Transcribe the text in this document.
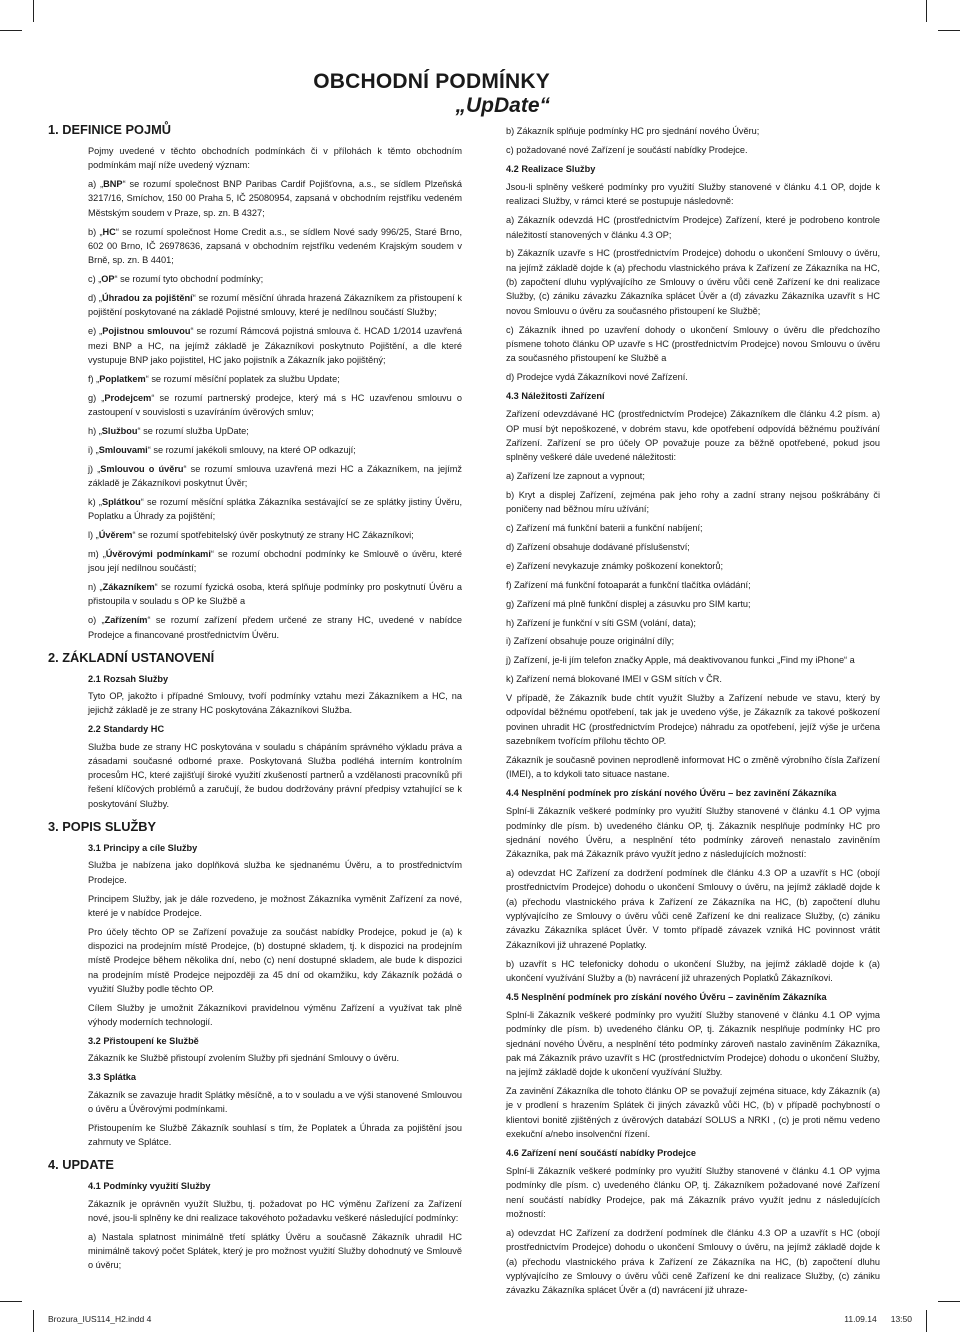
OBCHODNÍ PODMÍNKY
„UpDate“
1. DEFINICE POJMŮ
Pojmy uvedené v těchto obchodních podmínkách či v přílohách k těmto obchodním podmínkám mají níže uvedený význam:
a) „BNP“ se rozumí společnost BNP Paribas Cardif Pojišťovna, a.s., se sídlem Plzeňská 3217/16, Smíchov, 150 00 Praha 5, IČ 25080954, zapsaná v obchodním rejstříku vedeném Městským soudem v Praze, sp. zn. B 4327;
b) „HC“ se rozumí společnost Home Credit a.s., se sídlem Nové sady 996/25, Staré Brno, 602 00 Brno, IČ 26978636, zapsaná v obchodním rejstříku vedeném Krajským soudem v Brně, sp. zn. B 4401;
c) „OP“ se rozumí tyto obchodní podmínky;
d) „Úhradou za pojištění“ se rozumí měsíční úhrada hrazená Zákazníkem za přistoupení k pojištění poskytované na základě Pojistné smlouvy, které je nedílnou součástí Služby;
e) „Pojistnou smlouvou“ se rozumí Rámcová pojistná smlouva č. HCAD 1/2014 uzavřená mezi BNP a HC, na jejímž základě je Zákazníkovi poskytnuto Pojištění, a dle které vystupuje BNP jako pojistitel, HC jako pojistník a Zákazník jako pojištěný;
f) „Poplatkem“ se rozumí měsíční poplatek za službu Update;
g) „Prodejcem“ se rozumí partnerský prodejce, který má s HC uzavřenou smlouvu o zastoupení v souvislosti s uzavíráním úvěrových smluv;
h) „Službou“ se rozumí služba UpDate;
i) „Smlouvami“ se rozumí jakékoli smlouvy, na které OP odkazují;
j) „Smlouvou o úvěru“ se rozumí smlouva uzavřená mezi HC a Zákazníkem, na jejímž základě je Zákazníkovi poskytnut Úvěr;
k) „Splátkou“ se rozumí měsíční splátka Zákazníka sestávající se ze splátky jistiny Úvěru, Poplatku a Úhrady za pojištění;
l) „Úvěrem“ se rozumí spotřebitelský úvěr poskytnutý ze strany HC Zákazníkovi;
m) „Úvěrovými podmínkami“ se rozumí obchodní podmínky ke Smlouvě o úvěru, které jsou její nedílnou součástí;
n) „Zákazníkem“ se rozumí fyzická osoba, která splňuje podmínky pro poskytnutí Úvěru a přistoupila v souladu s OP ke Službě a
o) „Zařízením“ se rozumí zařízení předem určené ze strany HC, uvedené v nabídce Prodejce a financované prostřednictvím Úvěru.
2. ZÁKLADNÍ USTANOVENÍ
2.1 Rozsah Služby
Tyto OP, jakožto i případné Smlouvy, tvoří podmínky vztahu mezi Zákazníkem a HC, na jejichž základě je ze strany HC poskytována Zákazníkovi Služba.
2.2 Standardy HC
Služba bude ze strany HC poskytována v souladu s chápáním správného výkladu práva a zásadami současné odborné praxe. Poskytovaná Služba podléhá interním kontrolním procesům HC, které zajišťují široké využití zkušeností partnerů a vzdělanosti pracovníků při řešení klíčových problémů a zaručují, že budou dodržovány právní předpisy vztahující se k poskytování Služby.
3. POPIS SLUŽBY
3.1 Principy a cíle Služby
Služba je nabízena jako doplňková služba ke sjednanému Úvěru, a to prostřednictvím Prodejce.
Principem Služby, jak je dále rozvedeno, je možnost Zákazníka vyměnit Zařízení za nové, které je v nabídce Prodejce.
Pro účely těchto OP se Zařízení považuje za součást nabídky Prodejce, pokud je (a) k dispozici na prodejním místě Prodejce, (b) dostupné skladem, tj. k dispozici na prodejním místě Prodejce během několika dní, nebo (c) není dostupné skladem, ale bude k dispozici na prodejním místě Prodejce nejpozději za 45 dní od okamžiku, kdy Zákazník požádá o využití Služby podle těchto OP.
Cílem Služby je umožnit Zákazníkovi pravidelnou výměnu Zařízení a využívat tak plně výhody moderních technologií.
3.2 Přistoupení ke Službě
Zákazník ke Službě přistoupí zvolením Služby při sjednání Smlouvy o úvěru.
3.3 Splátka
Zákazník se zavazuje hradit Splátky měsíčně, a to v souladu a ve výši stanovené Smlouvou o úvěru a Úvěrovými podmínkami.
Přistoupením ke Službě Zákazník souhlasí s tím, že Poplatek a Úhrada za pojištění jsou zahrnuty ve Splátce.
4. UPDATE
4.1 Podmínky využití Služby
Zákazník je oprávněn využít Službu, tj. požadovat po HC výměnu Zařízení za Zařízení nové, jsou-li splněny ke dni realizace takovéhoto požadavku veškeré následující podmínky:
a) Nastala splatnost minimálně třetí splátky Úvěru a současně Zákazník uhradil HC minimálně takový počet Splátek, který je pro možnost využití Služby dohodnutý ve Smlouvě o úvěru;
b) Zákazník splňuje podmínky HC pro sjednání nového Úvěru;
c) požadované nové Zařízení je součástí nabídky Prodejce.
4.2 Realizace Služby
Jsou-li splněny veškeré podmínky pro využití Služby stanovené v článku 4.1 OP, dojde k realizaci Služby, v rámci které se postupuje následovně:
a) Zákazník odevzdá HC (prostřednictvím Prodejce) Zařízení, které je podrobeno kontrole náležitostí stanovených v článku 4.3 OP;
b) Zákazník uzavře s HC (prostřednictvím Prodejce) dohodu o ukončení Smlouvy o úvěru, na jejímž základě dojde k (a) přechodu vlastnického práva k Zařízení ze Zákazníka na HC, (b) započtení dluhu vyplývajícího ze Smlouvy o úvěru vůči ceně Zařízení ke dni realizace Služby, (c) zániku závazku Zákazníka splácet Úvěr a (d) závazku Zákazníka uzavřít s HC novou Smlouvu o úvěru za současného přistoupení ke Službě;
c) Zákazník ihned po uzavření dohody o ukončení Smlouvy o úvěru dle předchozího písmene tohoto článku OP uzavře s HC (prostřednictvím Prodejce) novou Smlouvu o úvěru za současného přistoupení ke Službě a
d) Prodejce vydá Zákazníkovi nové Zařízení.
4.3 Náležitosti Zařízení
Zařízení odevzdávané HC (prostřednictvím Prodejce) Zákazníkem dle článku 4.2 písm. a) OP musí být nepoškozené, v dobrém stavu, kde opotřebení odpovídá běžnému používání Zařízení. Zařízení se pro účely OP považuje pouze za běžně opotřebené, pokud jsou splněny veškeré dále uvedené náležitosti:
a) Zařízení lze zapnout a vypnout;
b) Kryt a displej Zařízení, zejména pak jeho rohy a zadní strany nejsou poškrábány či poničeny nad běžnou míru užívání;
c) Zařízení má funkční baterii a funkční nabíjení;
d) Zařízení obsahuje dodávané příslušenství;
e) Zařízení nevykazuje známky poškození konektorů;
f) Zařízení má funkční fotoaparát a funkční tlačítka ovládání;
g) Zařízení má plně funkční displej a zásuvku pro SIM kartu;
h) Zařízení je funkční v síti GSM (volání, data);
i) Zařízení obsahuje pouze originální díly;
j) Zařízení, je-li jím telefon značky Apple, má deaktivovanou funkci „Find my iPhone“ a
k) Zařízení nemá blokované IMEI v GSM sítích v ČR.
V případě, že Zákazník bude chtít využít Služby a Zařízení nebude ve stavu, který by odpovídal běžnému opotřebení, tak jak je uvedeno výše, je Zákazník za takové poškození povinen uhradit HC (prostřednictvím Prodejce) náhradu za opotřebení, jejíž výše je určena sazebníkem tvořícím přílohu těchto OP.
Zákazník je současně povinen neprodleně informovat HC o změně výrobního čísla Zařízení (IMEI), a to kdykoli tato situace nastane.
4.4 Nesplnění podmínek pro získání nového Úvěru – bez zavinění Zákazníka
Splní-li Zákazník veškeré podmínky pro využití Služby stanovené v článku 4.1 OP vyjma podmínky dle písm. b) uvedeného článku OP, tj. Zákazník nesplňuje podmínky HC pro sjednání nového Úvěru, a nesplnění této podmínky zároveň nenastalo zaviněním Zákazníka, pak má Zákazník právo využít jedno z následujících možností:
a) odevzdat HC Zařízení za dodržení podmínek dle článku 4.3 OP a uzavřít s HC (obojí prostřednictvím Prodejce) dohodu o ukončení Smlouvy o úvěru, na jejímž základě dojde k (a) přechodu vlastnického práva k Zařízení ze Zákazníka na HC, (b) započtení dluhu vyplývajícího ze Smlouvy o úvěru vůči ceně Zařízení ke dni realizace Služby, (c) zániku závazku Zákazníka splácet Úvěr. V tomto případě závazek vzniká HC povinnost vrátit Zákazníkovi již uhrazené Poplatky.
b) uzavřít s HC telefonicky dohodu o ukončení Služby, na jejímž základě dojde k (a) ukončení využívání Služby a (b) navrácení již uhrazených Poplatků Zákazníkovi.
4.5 Nesplnění podmínek pro získání nového Úvěru – zaviněním Zákazníka
Splní-li Zákazník veškeré podmínky pro využití Služby stanovené v článku 4.1 OP vyjma podmínky dle písm. b) uvedeného článku OP, tj. Zákazník nesplňuje podmínky HC pro sjednání nového Úvěru, a nesplnění této podmínky zároveň nastalo zaviněním Zákazníka, pak má Zákazník právo uzavřít s HC (prostřednictvím Prodejce) dohodu o ukončení Služby, na jejímž základě dojde k ukončení využívání Služby.
Za zavinění Zákazníka dle tohoto článku OP se považují zejména situace, kdy Zákazník (a) je v prodlení s hrazením Splátek či jiných závazků vůči HC, (b) v případě pochybností o klientovi bonitě zjištěných z úvěrových databází SOLUS a NRKI , (c) je proti němu vedeno exekuční a/nebo insolvenční řízení.
4.6 Zařízení není součástí nabídky Prodejce
Splní-li Zákazník veškeré podmínky pro využití Služby stanovené v článku 4.1 OP vyjma podmínky dle písm. c) uvedeného článku OP, tj. Zákazníkem požadované nové Zařízení není součástí nabídky Prodejce, pak má Zákazník právo využít jednu z následujících možností:
a) odevzdat HC Zařízení za dodržení podmínek dle článku 4.3 OP a uzavřít s HC (obojí prostřednictvím Prodejce) dohodu o ukončení Smlouvy o úvěru, na jejímž základě dojde k (a) přechodu vlastnického práva k Zařízení ze Zákazníka na HC, (b) započtení dluhu vyplývajícího ze Smlouvy o úvěru vůči ceně Zařízení ke dni realizace Služby, (c) zániku závazku Zákazníka splácet Úvěr a (d) navrácení již uhraze-
Brozura_IUS114_H2.indd 4	11.09.14 13:50
